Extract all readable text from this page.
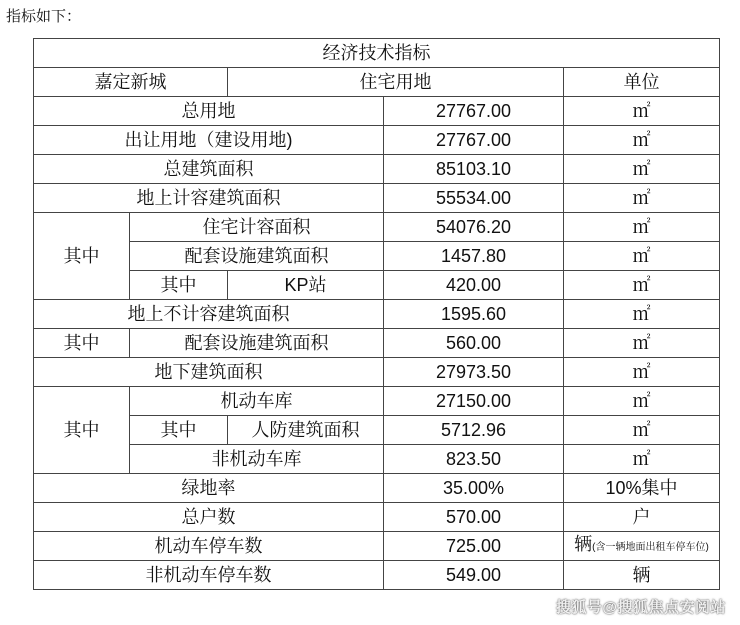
指标如下：

经济技术指标				
嘉定新城		住宅用地		单位
总用地			27767.00	㎡
出让用地（建设用地)			27767.00	㎡
总建筑面积			85103.10	㎡
地上计容建筑面积			55534.00	㎡
其中	住宅计容面积		54076.20	㎡
	配套设施建筑面积		1457.80	㎡
	其中	KP站	420.00	㎡
地上不计容建筑面积			1595.60	㎡
其中	配套设施建筑面积		560.00	㎡
地下建筑面积			27973.50	㎡
其中	机动车库		27150.00	㎡
	其中	人防建筑面积	5712.96	㎡
	非机动车库		823.50	㎡
绿地率			35.00%	10%集中
总户数			570.00	户
机动车停车数			725.00	辆(含一辆地面出租车停车位)
非机动车停车数			549.00	辆
搜狐号@搜狐焦点安阅站
